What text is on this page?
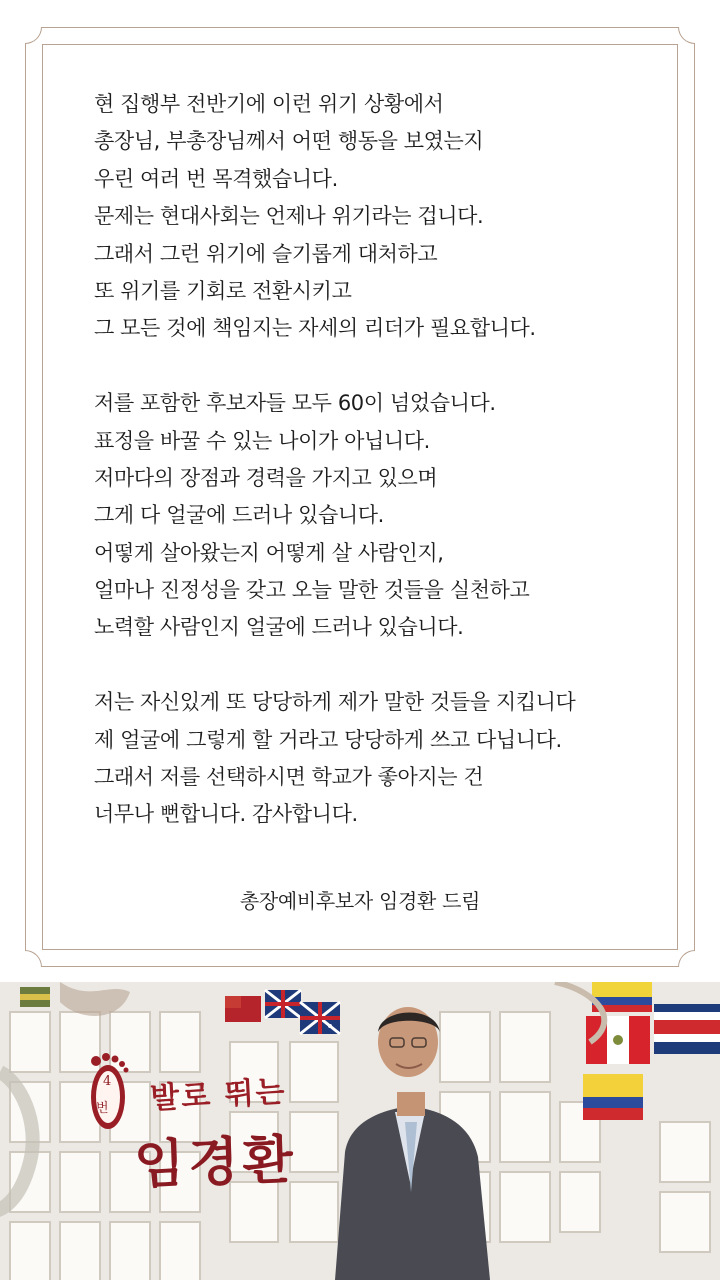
현 집행부 전반기에 이런 위기 상황에서
총장님, 부총장님께서 어떤 행동을 보였는지
우린 여러 번 목격했습니다.
문제는 현대사회는 언제나 위기라는 겁니다.
그래서 그런 위기에 슬기롭게 대처하고
또 위기를 기회로 전환시키고
그 모든 것에 책임지는 자세의 리더가 필요합니다.
저를 포함한 후보자들 모두 60이 넘었습니다.
표정을 바꿀 수 있는 나이가 아닙니다.
저마다의 장점과 경력을 가지고 있으며
그게 다 얼굴에 드러나 있습니다.
어떻게 살아왔는지 어떻게 살 사람인지,
얼마나 진정성을 갖고 오늘 말한 것들을 실천하고
노력할 사람인지 얼굴에 드러나 있습니다.
저는 자신있게 또 당당하게 제가 말한 것들을 지킵니다
제 얼굴에 그렇게 할 거라고 당당하게 쓰고 다닙니다.
그래서 저를 선택하시면 학교가 좋아지는 건
너무나 뻔합니다. 감사합니다.
총장예비후보자 임경환 드림
4
번 발로 뛰는
임경환
